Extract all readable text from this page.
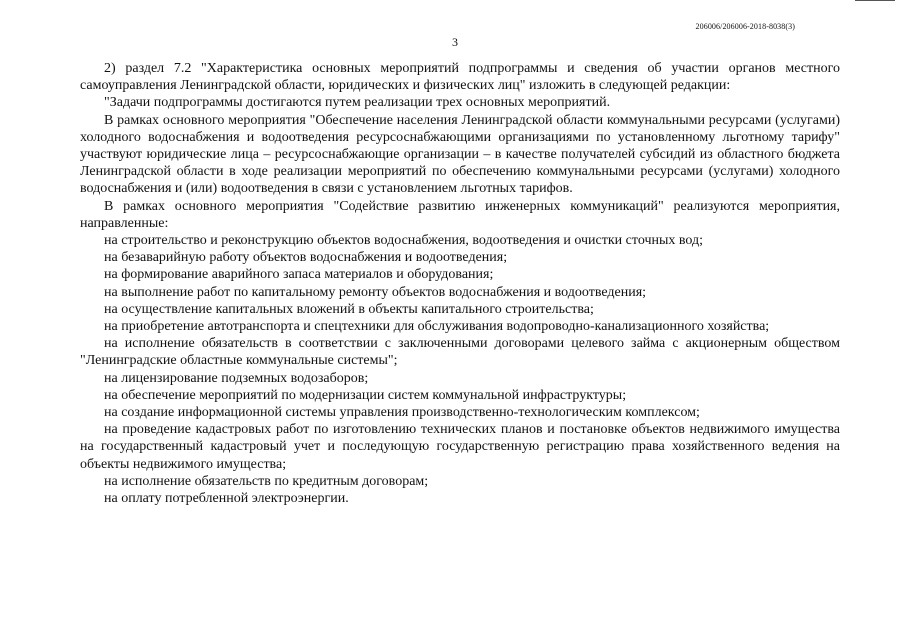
206006/206006-2018-8038(3)
3

2) раздел 7.2 "Характеристика основных мероприятий подпрограммы и сведения об участии органов местного самоуправления Ленинградской области, юридических и физических лиц" изложить в следующей редакции:

"Задачи подпрограммы достигаются путем реализации трех основных мероприятий.

В рамках основного мероприятия "Обеспечение населения Ленинградской области коммунальными ресурсами (услугами) холодного водоснабжения и водоотведения ресурсоснабжающими организациями по установленному льготному тарифу" участвуют юридические лица – ресурсоснабжающие организации – в качестве получателей субсидий из областного бюджета Ленинградской области в ходе реализации мероприятий по обеспечению коммунальными ресурсами (услугами) холодного водоснабжения и (или) водоотведения в связи с установлением льготных тарифов.

В рамках основного мероприятия "Содействие развитию инженерных коммуникаций" реализуются мероприятия, направленные:

на строительство и реконструкцию объектов водоснабжения, водоотведения и очистки сточных вод;

на безаварийную работу объектов водоснабжения и водоотведения;

на формирование аварийного запаса материалов и оборудования;

на выполнение работ по капитальному ремонту объектов водоснабжения и водоотведения;

на осуществление капитальных вложений в объекты капитального строительства;

на приобретение автотранспорта и спецтехники для обслуживания водопроводно-канализационного хозяйства;

на исполнение обязательств в соответствии с заключенными договорами целевого займа с акционерным обществом "Ленинградские областные коммунальные системы";

на лицензирование подземных водозаборов;

на обеспечение мероприятий по модернизации систем коммунальной инфраструктуры;

на создание информационной системы управления производственно-технологическим комплексом;

на проведение кадастровых работ по изготовлению технических планов и постановке объектов недвижимого имущества на государственный кадастровый учет и последующую государственную регистрацию права хозяйственного ведения на объекты недвижимого имущества;

на исполнение обязательств по кредитным договорам;

на оплату потребленной электроэнергии.
